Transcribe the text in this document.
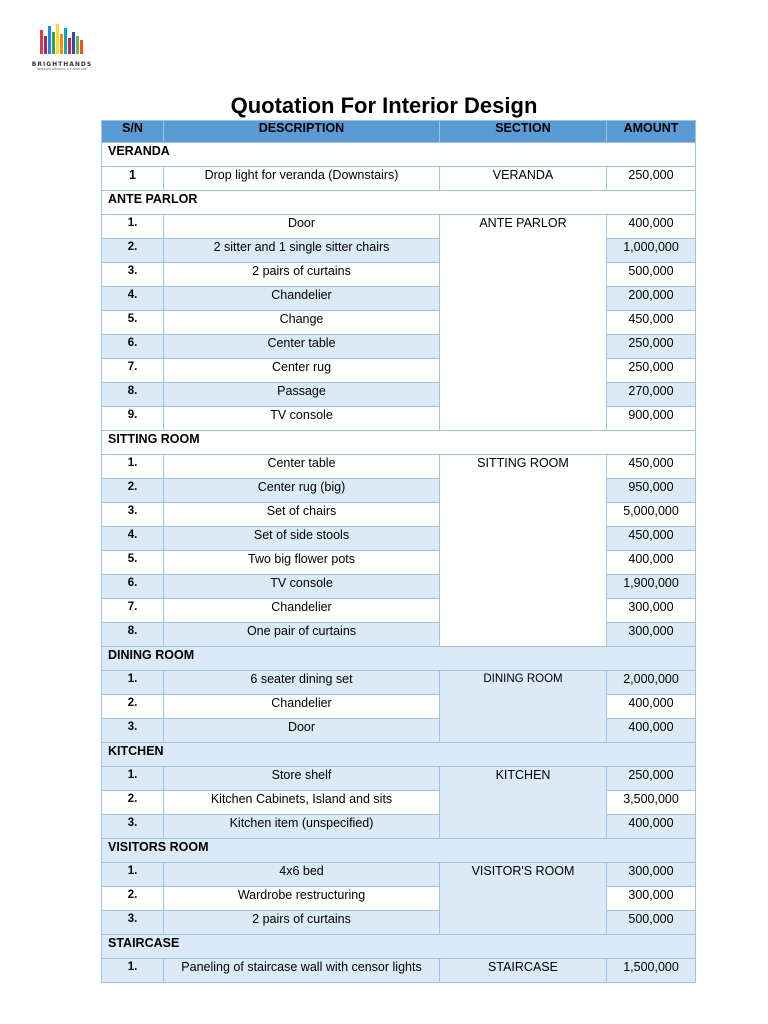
BRIGHTHANDS
INTERIOR DESIGNS & FURNITURE
Quotation For Interior Design
S/N	DESCRIPTION	SECTION	AMOUNT
VERANDA			
1	Drop light for veranda (Downstairs)	VERANDA	250,000
ANTE PARLOR			
1.	Door	ANTE PARLOR	400,000
2.	2 sitter and 1 single sitter chairs		1,000,000
3.	2 pairs of curtains		500,000
4.	Chandelier		200,000
5.	Change		450,000
6.	Center table		250,000
7.	Center rug		250,000
8.	Passage		270,000
9.	TV console		900,000
SITTING ROOM			
1.	Center table	SITTING ROOM	450,000
2.	Center rug (big)		950,000
3.	Set of chairs		5,000,000
4.	Set of side stools		450,000
5.	Two big flower pots		400,000
6.	TV console		1,900,000
7.	Chandelier		300,000
8.	One pair of curtains		300,000
DINING ROOM			
1.	6 seater dining set	DINING ROOM	2,000,000
2.	Chandelier		400,000
3.	Door		400,000
KITCHEN			
1.	Store shelf	KITCHEN	250,000
2.	Kitchen Cabinets, Island and sits		3,500,000
3.	Kitchen item (unspecified)		400,000
VISITORS ROOM			
1.	4x6 bed	VISITOR'S ROOM	300,000
2.	Wardrobe restructuring		300,000
3.	2 pairs of curtains		500,000
STAIRCASE			
1.	Paneling of staircase wall with censor lights	STAIRCASE	1,500,000
